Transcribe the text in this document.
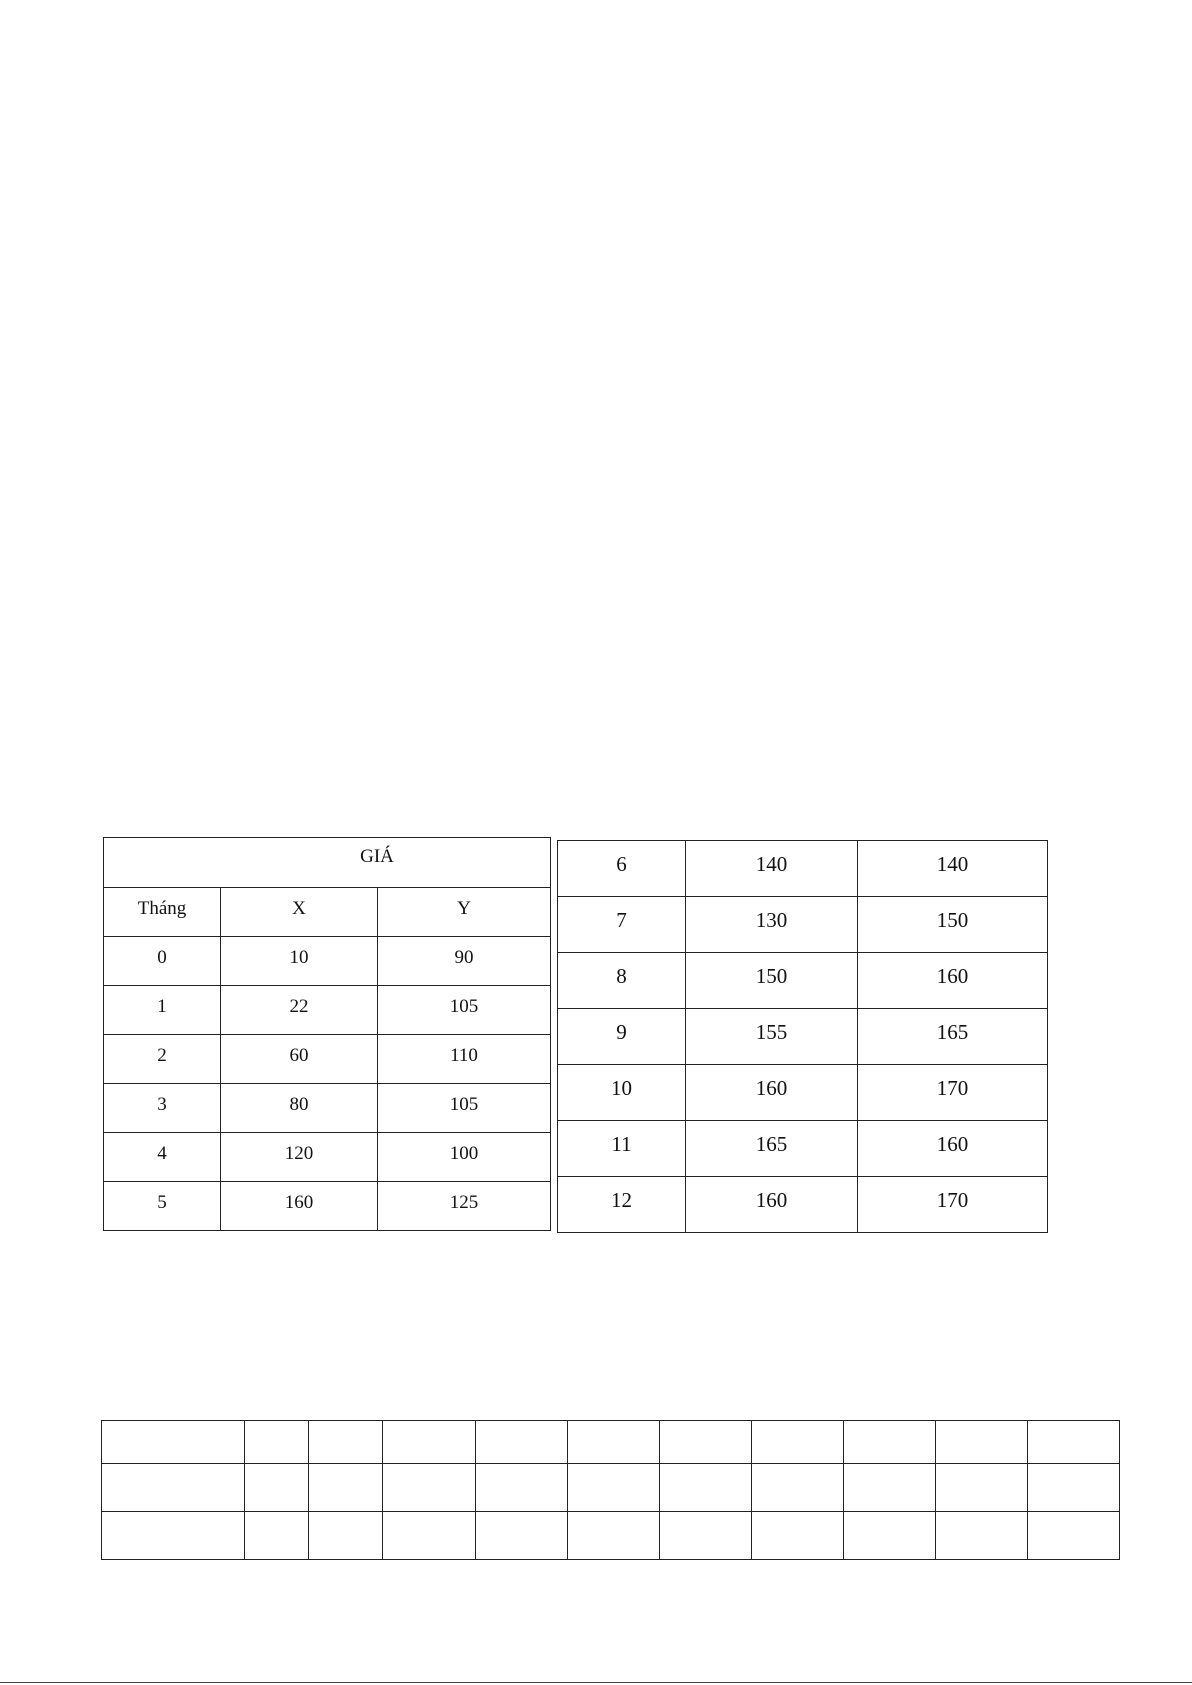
GIÁ		
Tháng	X	Y
0	10	90
1	22	105
2	60	110
3	80	105
4	120	100
5	160	125
6	140	140
7	130	150
8	150	160
9	155	165
10	160	170
11	165	160
12	160	170
